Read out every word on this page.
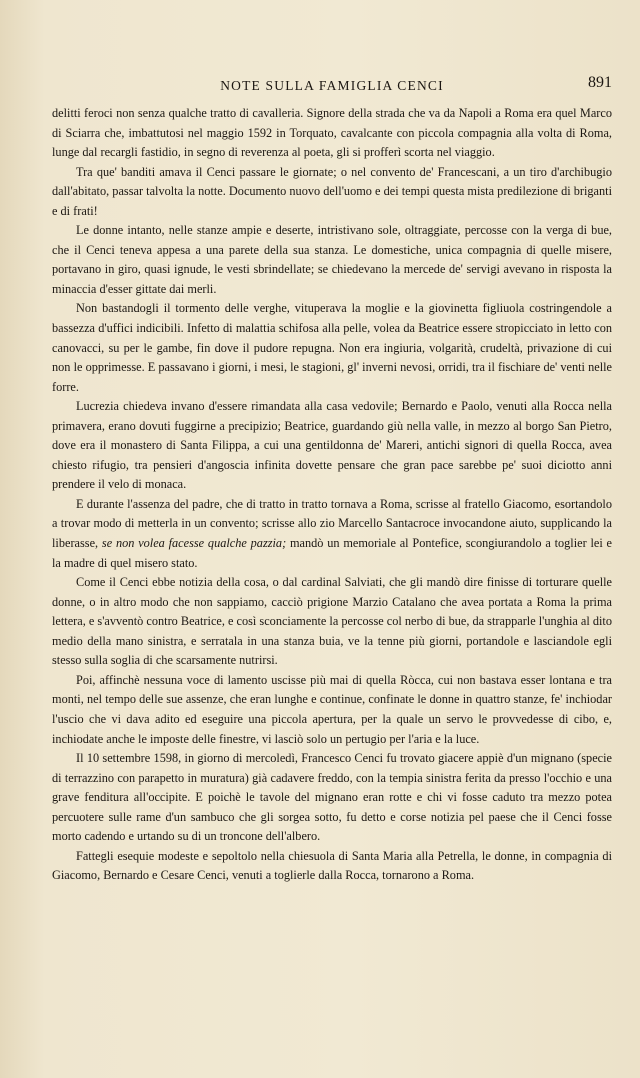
NOTE SULLA FAMIGLIA CENCI	891

delitti feroci non senza qualche tratto di cavalleria. Signore della strada che va da Napoli a Roma era quel Marco di Sciarra che, imbattutosi nel maggio 1592 in Torquato, cavalcante con piccola compagnia alla volta di Roma, lunge dal recargli fastidio, in segno di reverenza al poeta, gli si profferì scorta nel viaggio.

Tra que' banditi amava il Cenci passare le giornate; o nel convento de' Francescani, a un tiro d'archibugio dall'abitato, passar talvolta la notte. Documento nuovo dell'uomo e dei tempi questa mista predilezione di briganti e di frati!

Le donne intanto, nelle stanze ampie e deserte, intristivano sole, oltraggiate, percosse con la verga di bue, che il Cenci teneva appesa a una parete della sua stanza. Le domestiche, unica compagnia di quelle misere, portavano in giro, quasi ignude, le vesti sbrindellate; se chiedevano la mercede de' servigi avevano in risposta la minaccia d'esser gittate dai merli.

Non bastandogli il tormento delle verghe, vituperava la moglie e la giovinetta figliuola costringendole a bassezza d'uffici indicibili. Infetto di malattia schifosa alla pelle, volea da Beatrice essere stropicciato in letto con canovacci, su per le gambe, fin dove il pudore repugna. Non era ingiuria, volgarità, crudeltà, privazione di cui non le opprimesse. E passavano i giorni, i mesi, le stagioni, gl' inverni nevosi, orridi, tra il fischiare de' venti nelle forre.

Lucrezia chiedeva invano d'essere rimandata alla casa vedovile; Bernardo e Paolo, venuti alla Rocca nella primavera, erano dovuti fuggirne a precipizio; Beatrice, guardando giù nella valle, in mezzo al borgo San Pietro, dove era il monastero di Santa Filippa, a cui una gentildonna de' Mareri, antichi signori di quella Rocca, avea chiesto rifugio, tra pensieri d'angoscia infinita dovette pensare che gran pace sarebbe pe' suoi diciotto anni prendere il velo di monaca.

E durante l'assenza del padre, che di tratto in tratto tornava a Roma, scrisse al fratello Giacomo, esortandolo a trovar modo di metterla in un convento; scrisse allo zio Marcello Santacroce invocandone aiuto, supplicando la liberasse, se non volea facesse qualche pazzia; mandò un memoriale al Pontefice, scongiurandolo a toglier lei e la madre di quel misero stato.

Come il Cenci ebbe notizia della cosa, o dal cardinal Salviati, che gli mandò dire finisse di torturare quelle donne, o in altro modo che non sappiamo, cacciò prigione Marzio Catalano che avea portata a Roma la prima lettera, e s'avventò contro Beatrice, e così sconciamente la percosse col nerbo di bue, da strapparle l'unghia al dito medio della mano sinistra, e serratala in una stanza buia, ve la tenne più giorni, portandole e lasciandole egli stesso sulla soglia di che scarsamente nutrirsi.

Poi, affinchè nessuna voce di lamento uscisse più mai di quella Ròcca, cui non bastava esser lontana e tra monti, nel tempo delle sue assenze, che eran lunghe e continue, confinate le donne in quattro stanze, fe' inchiodar l'uscio che vi dava adito ed eseguire una piccola apertura, per la quale un servo le provvedesse di cibo, e, inchiodate anche le imposte delle finestre, vi lasciò solo un pertugio per l'aria e la luce.

Il 10 settembre 1598, in giorno di mercoledì, Francesco Cenci fu trovato giacere appiè d'un mignano (specie di terrazzino con parapetto in muratura) già cadavere freddo, con la tempia sinistra ferita da presso l'occhio e una grave fenditura all'occipite. E poichè le tavole del mignano eran rotte e chi vi fosse caduto tra mezzo potea percuotere sulle rame d'un sambuco che gli sorgea sotto, fu detto e corse notizia pel paese che il Cenci fosse morto cadendo e urtando su di un troncone dell'albero.

Fattegli esequie modeste e sepoltolo nella chiesuola di Santa Maria alla Petrella, le donne, in compagnia di Giacomo, Bernardo e Cesare Cenci, venuti a toglierle dalla Rocca, tornarono a Roma.
